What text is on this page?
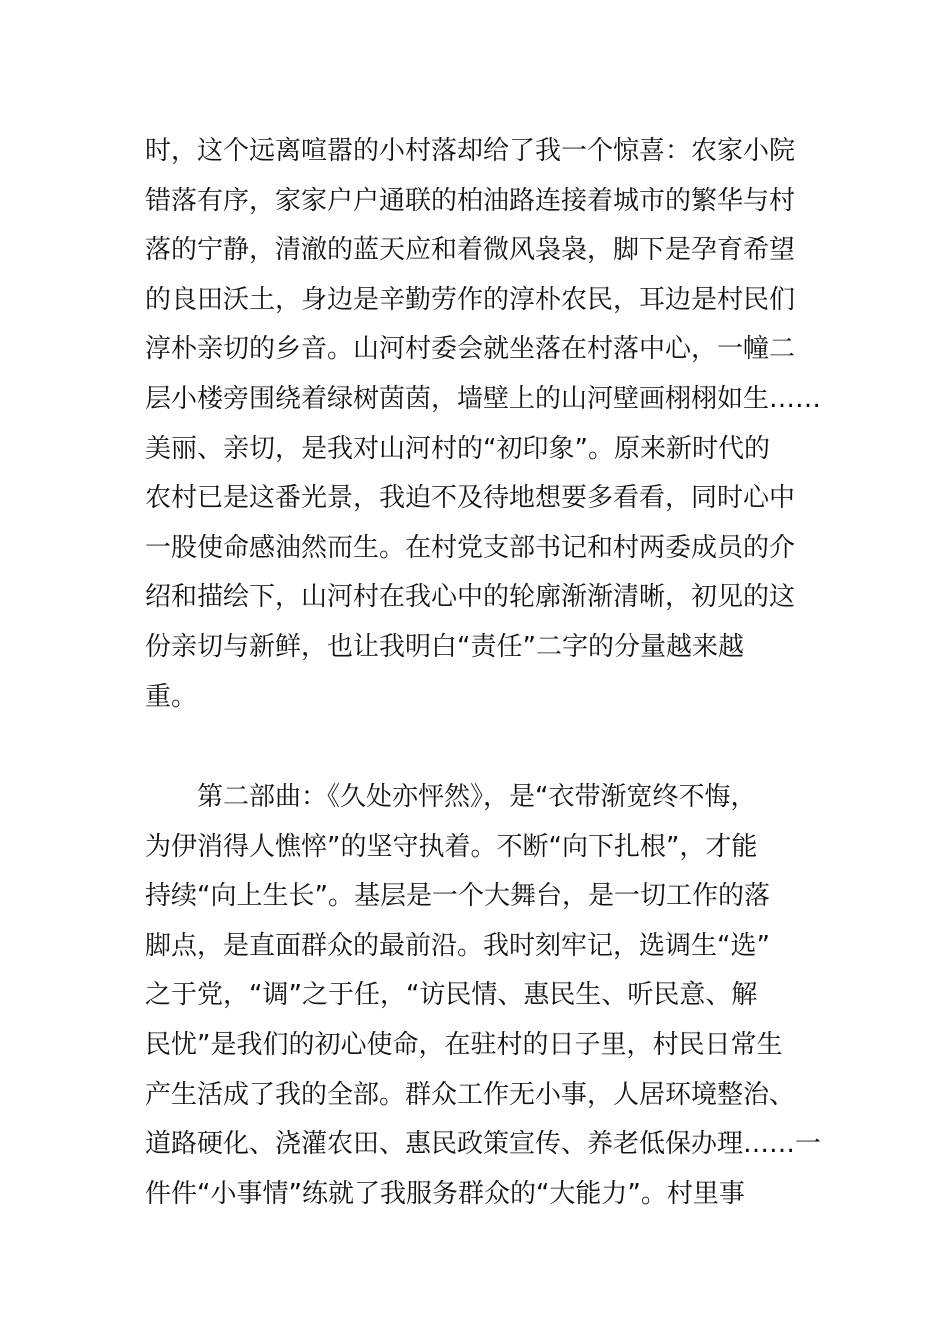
时，这个远离喧嚣的小村落却给了我一个惊喜：农家小院
错落有序，家家户户通联的柏油路连接着城市的繁华与村
落的宁静，清澈的蓝天应和着微风袅袅，脚下是孕育希望
的良田沃土，身边是辛勤劳作的淳朴农民，耳边是村民们
淳朴亲切的乡音。山河村委会就坐落在村落中心，一幢二
层小楼旁围绕着绿树茵茵，墙壁上的山河壁画栩栩如生……
美丽、亲切，是我对山河村的“初印象”。原来新时代的
农村已是这番光景，我迫不及待地想要多看看，同时心中
一股使命感油然而生。在村党支部书记和村两委成员的介
绍和描绘下，山河村在我心中的轮廓渐渐清晰，初见的这
份亲切与新鲜，也让我明白“责任”二字的分量越来越
重。
第二部曲：《久处亦怦然》，是“衣带渐宽终不悔，
为伊消得人憔悴”的坚守执着。不断“向下扎根”，才能
持续“向上生长”。基层是一个大舞台，是一切工作的落
脚点，是直面群众的最前沿。我时刻牢记，选调生“选”
之于党，“调”之于任，“访民情、惠民生、听民意、解
民忧”是我们的初心使命，在驻村的日子里，村民日常生
产生活成了我的全部。群众工作无小事，人居环境整治、
道路硬化、浇灌农田、惠民政策宣传、养老低保办理……一
件件“小事情”练就了我服务群众的“大能力”。村里事
